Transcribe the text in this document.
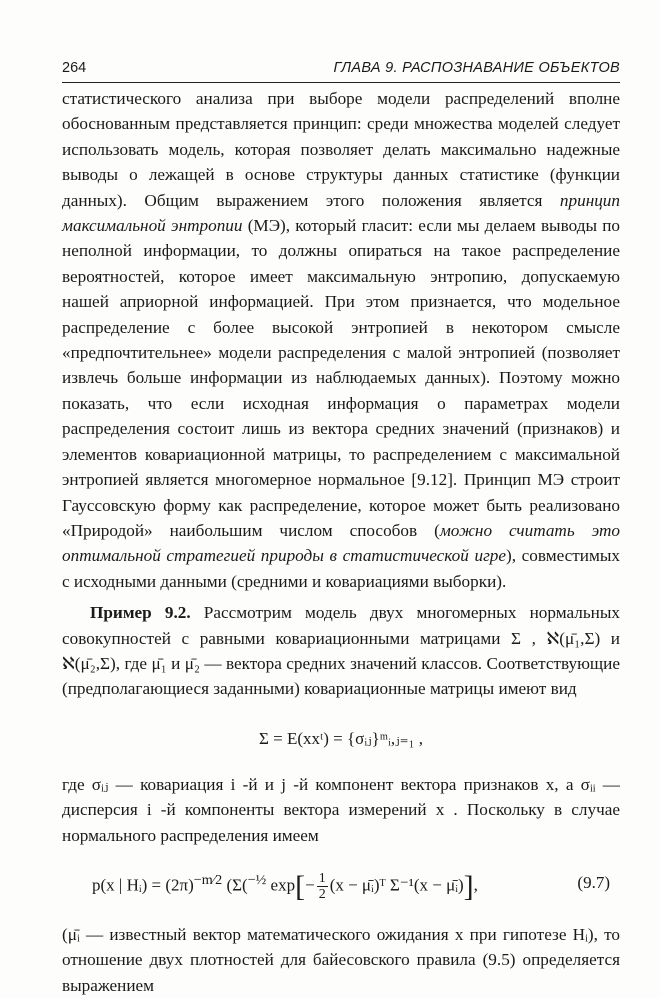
264	ГЛАВА 9. РАСПОЗНАВАНИЕ ОБЪЕКТОВ

статистического анализа при выборе модели распределений вполне обоснованным представляется принцип: среди множества моделей следует использовать модель, которая позволяет делать максимально надежные выводы о лежащей в основе структуры данных статистике (функции данных). Общим выражением этого положения является принцип максимальной энтропии (МЭ), который гласит: если мы делаем выводы по неполной информации, то должны опираться на такое распределение вероятностей, которое имеет максимальную энтропию, допускаемую нашей априорной информацией. При этом признается, что модельное распределение с более высокой энтропией в некотором смысле «предпочтительнее» модели распределения с малой энтропией (позволяет извлечь больше информации из наблюдаемых данных). Поэтому можно показать, что если исходная информация о параметрах модели распределения состоит лишь из вектора средних значений (признаков) и элементов ковариационной матрицы, то распределением с максимальной энтропией является многомерное нормальное [9.12]. Принцип МЭ строит Гауссовскую форму как распределение, которое может быть реализовано «Природой» наибольшим числом способов (можно считать это оптимальной стратегией природы в статистической игре), совместимых с исходными данными (средними и ковариациями выборки).

Пример 9.2. Рассмотрим модель двух многомерных нормальных совокупностей с равными ковариационными матрицами Σ , ℵ(μ̄₁,Σ) и ℵ(μ̄₂,Σ), где μ̄₁ и μ̄₂ — вектора средних значений классов. Соответствующие (предполагающиеся заданными) ковариационные матрицы имеют вид

Σ = E(xxᵗ) = {σᵢⱼ}ᵐᵢ,ⱼ₌₁ ,

где σᵢⱼ — ковариация i -й и j -й компонент вектора признаков x, а σᵢᵢ — дисперсия i -й компоненты вектора измерений x . Поскольку в случае нормального распределения имеем

p(x | Hᵢ) = $(2\pi)^{-m⁄2}$ (Σ($^{-\frac{1}{2}}$ $\exp[- \frac{1}{2} (x$ − μ̄ᵢ)ᵀ Σ⁻¹(x − μ̄ᵢ)],	(9.7)

(μ̄ᵢ — известный вектор математического ожидания x при гипотезе Hᵢ), то отношение двух плотностей для байесовского правила (9.5) определяется выражением
